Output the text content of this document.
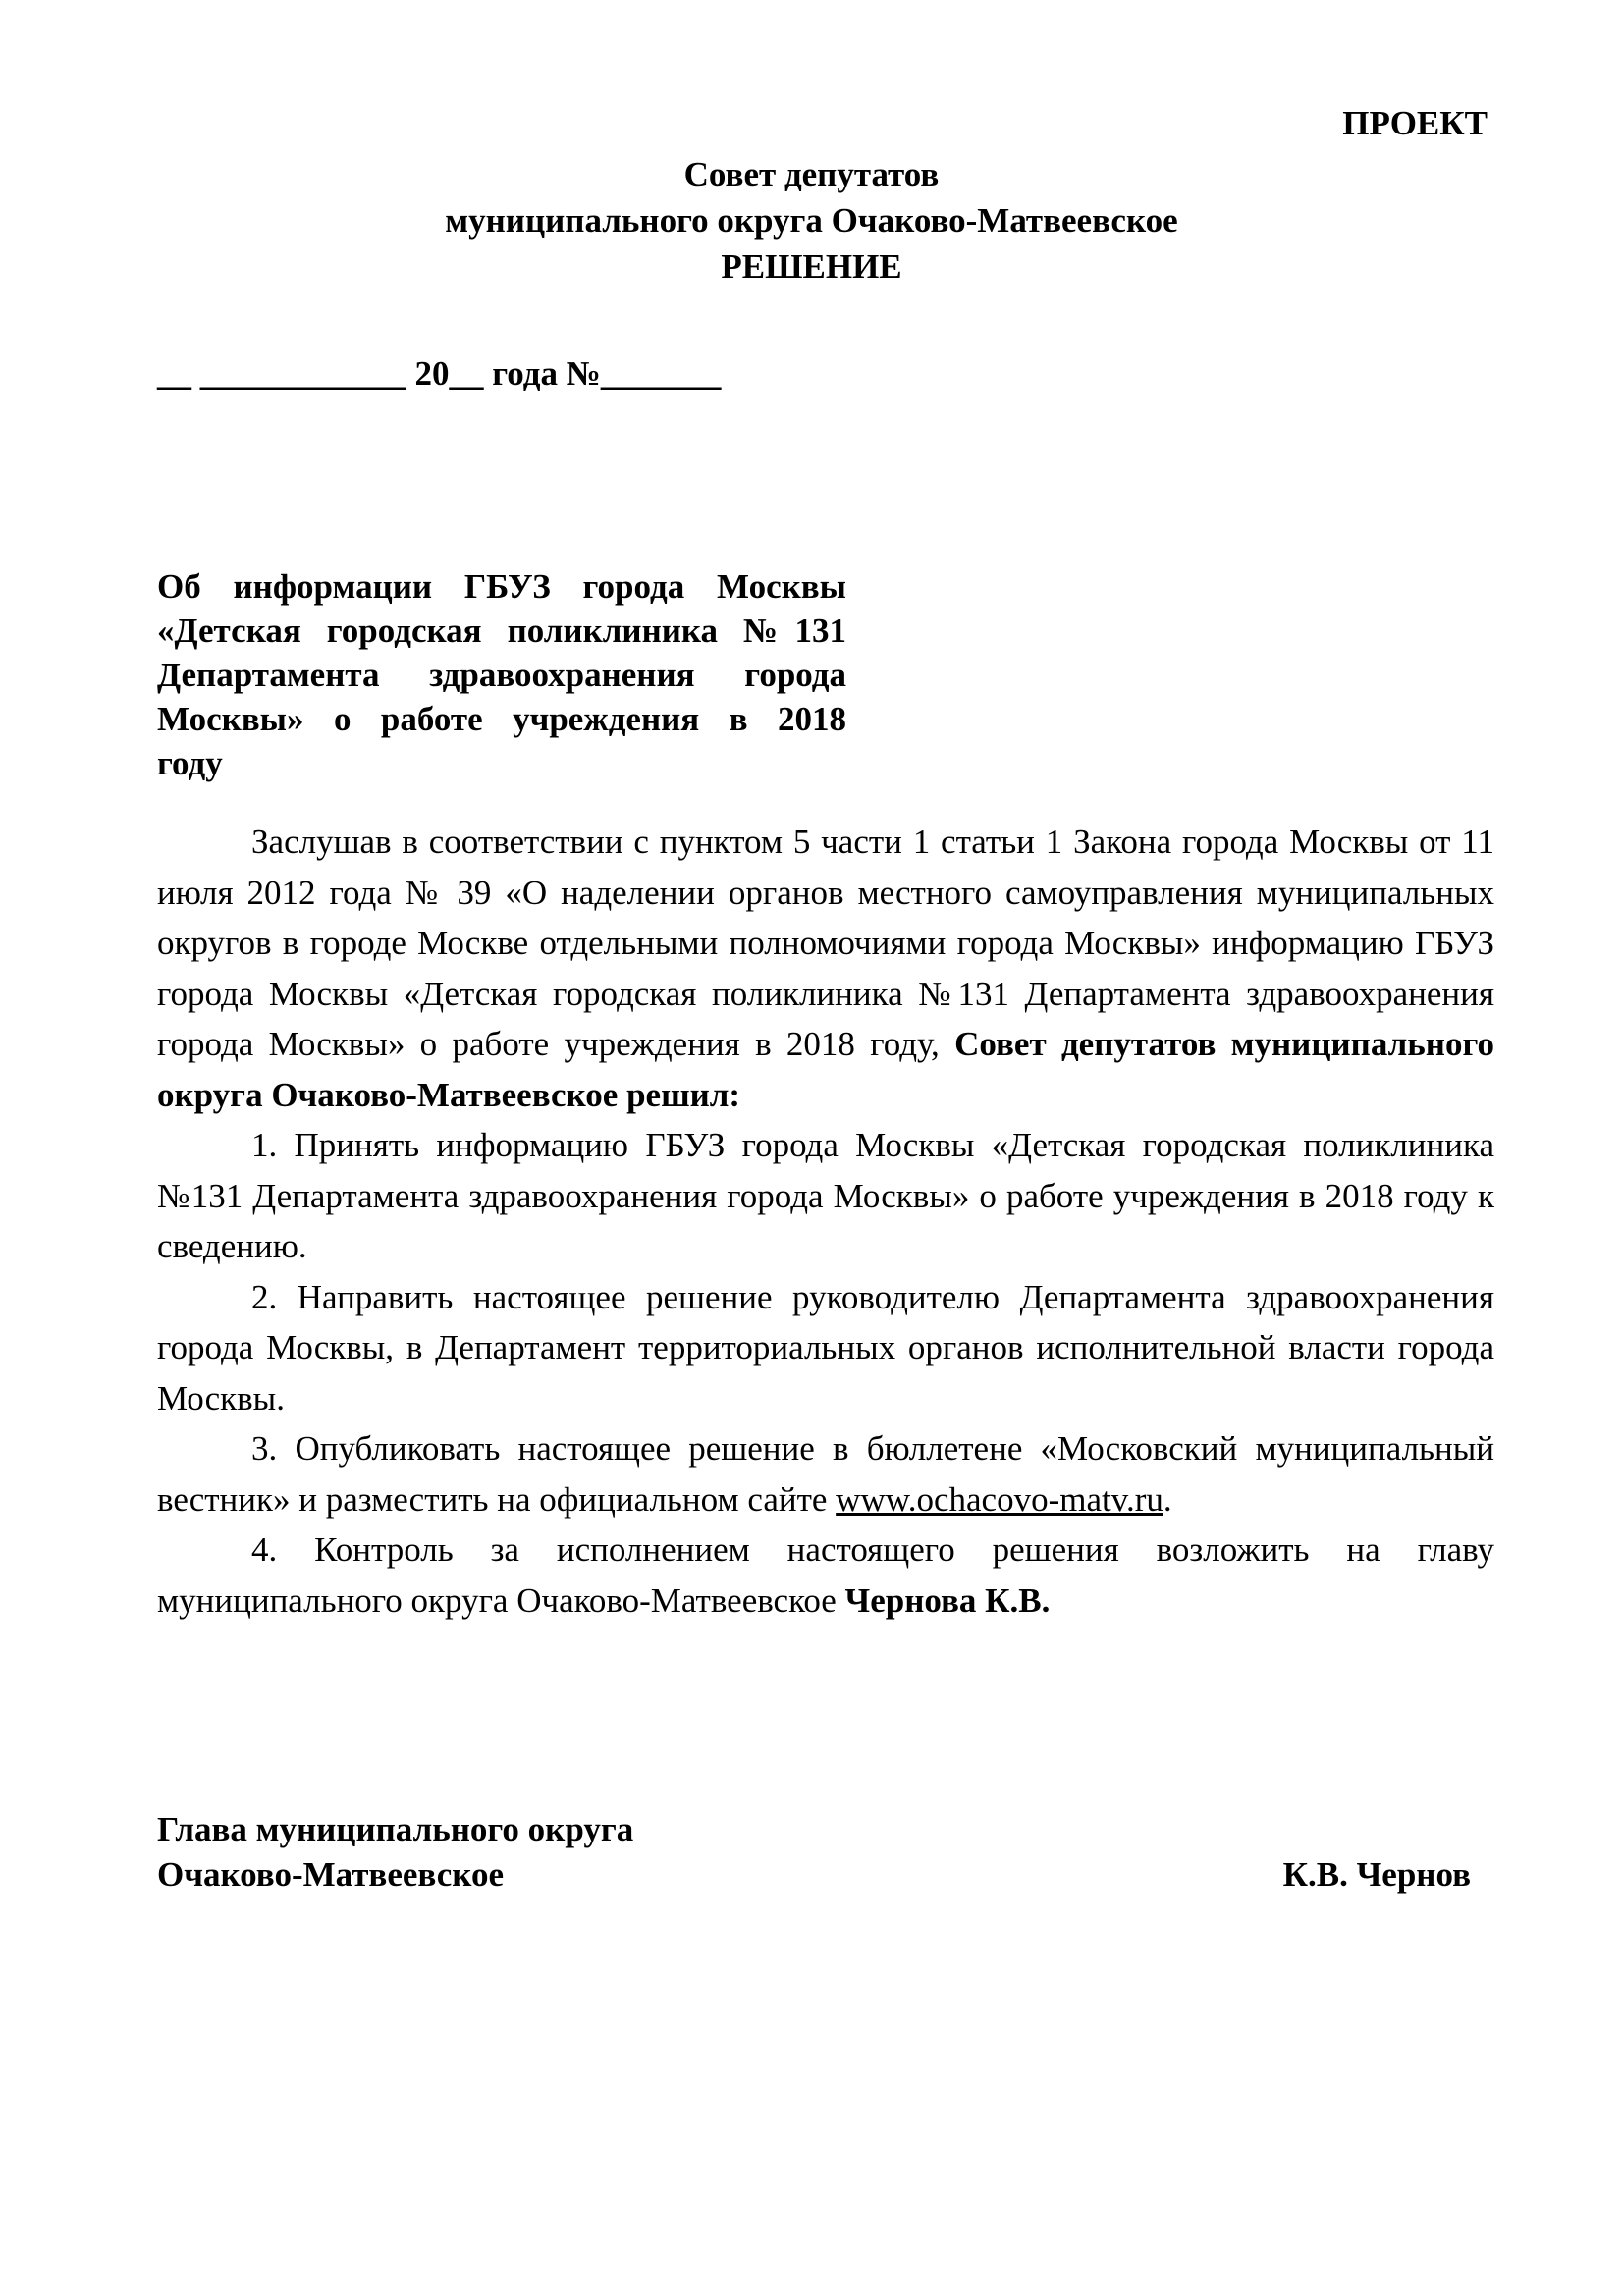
ПРОЕКТ
Совет депутатов
муниципального округа Очаково-Матвеевское
РЕШЕНИЕ
__ ____________ 20__ года №_______
Об информации ГБУЗ города Москвы
«Детская городская поликлиника №131
Департамента здравоохранения города
Москвы» о работе учреждения в 2018
году

Заслушав в соответствии с пунктом 5 части 1 статьи 1 Закона города Москвы от 11 июля 2012 года № 39 «О наделении органов местного самоуправления муниципальных округов в городе Москве отдельными полномочиями города Москвы» информацию ГБУЗ города Москвы «Детская городская поликлиника №131 Департамента здравоохранения города Москвы» о работе учреждения в 2018 году, Совет депутатов муниципального округа Очаково-Матвеевское решил:

1. Принять информацию ГБУЗ города Москвы «Детская городская поликлиника №131 Департамента здравоохранения города Москвы» о работе учреждения в 2018 году к сведению.

2. Направить настоящее решение руководителю Департамента здравоохранения города Москвы, в Департамент территориальных органов исполнительной власти города Москвы.

3. Опубликовать настоящее решение в бюллетене «Московский муниципальный вестник» и разместить на официальном сайте www.ochacovo-matv.ru.

4. Контроль за исполнением настоящего решения возложить на главу муниципального округа Очаково-Матвеевское Чернова К.В.

Глава муниципального округа
Очаково-Матвеевское	К.В. Чернов
